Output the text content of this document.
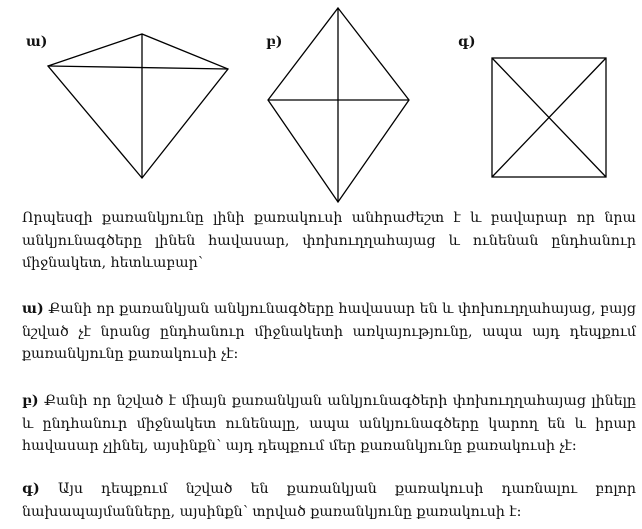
ա)	բ)	գ)

Որպեսզի քառանկյունը լինի քառակուսի անհրաժեշտ է և բավարար որ նրա անկյունագծերը լինեն հավասար, փոխուղղահայաց և ունենան ընդհանուր միջնակետ, հետևաբար՝

ա) Քանի որ քառանկյան անկյունագծերը հավասար են և փոխուղղահայաց, բայց նշված չէ նրանց ընդհանուր միջնակետի առկայությունը, ապա այդ դեպքում քառանկյունը քառակուսի չէ:

բ) Քանի որ նշված է միայն քառանկյան անկյունագծերի փոխուղղահայաց լինելը և ընդհանուր միջնակետ ունենալը, ապա անկյունագծերը կարող են և իրար հավասար չլինել, այսինքն՝ այդ դեպքում մեր քառանկյունը քառակուսի չէ:

գ) Այս դեպքում նշված են քառանկյան քառակուսի դառնալու բոլոր նախապայմանները, այսինքն՝ տրված քառանկյունը քառակուսի է:
